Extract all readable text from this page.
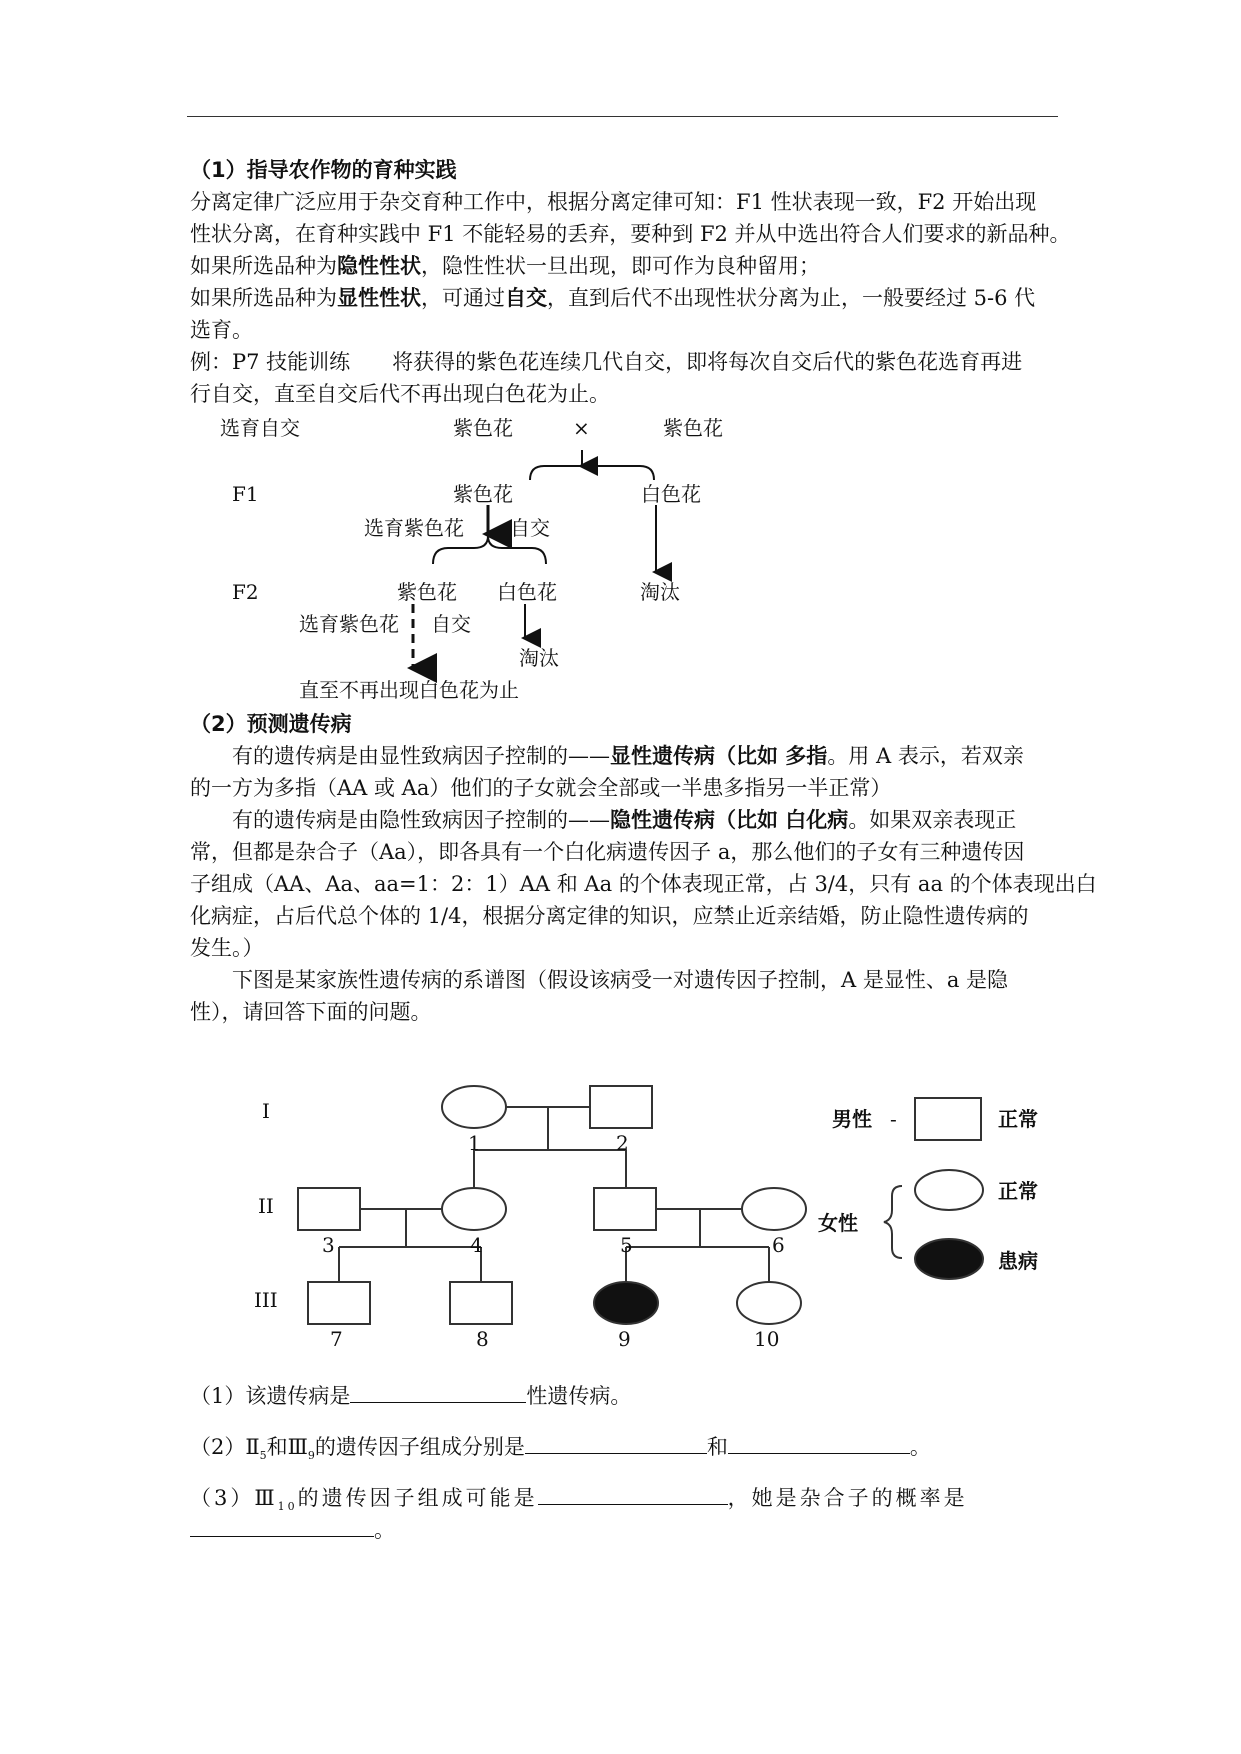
（1）指导农作物的育种实践
分离定律广泛应用于杂交育种工作中，根据分离定律可知：F1 性状表现一致，F2 开始出现
性状分离，在育种实践中 F1 不能轻易的丢弃，要种到 F2 并从中选出符合人们要求的新品种。
如果所选品种为隐性性状，隐性性状一旦出现，即可作为良种留用；
如果所选品种为显性性状，可通过自交，直到后代不出现性状分离为止，一般要经过 5-6 代
选育。
例：P7 技能训练　　将获得的紫色花连续几代自交，即将每次自交后代的紫色花选育再进
行自交，直至自交后代不再出现白色花为止。
选育自交	紫色花	×	紫色花
F1	紫色花	白色花
选育紫色花 自交
F2	紫色花 白色花	淘汰
选育紫色花 自交
淘汰
直至不再出现白色花为止
（2）预测遗传病
有的遗传病是由显性致病因子控制的——显性遗传病（比如 多指。用 A 表示，若双亲
的一方为多指（AA 或 Aa）他们的子女就会全部或一半患多指另一半正常）
有的遗传病是由隐性致病因子控制的——隐性遗传病（比如 白化病。如果双亲表现正
常，但都是杂合子（Aa），即各具有一个白化病遗传因子 a，那么他们的子女有三种遗传因
子组成（AA、Aa、aa=1：2：1）AA 和 Aa 的个体表现正常，占 3/4，只有 aa 的个体表现出白
化病症，占后代总个体的 1/4，根据分离定律的知识，应禁止近亲结婚，防止隐性遗传病的
发生。）
下图是某家族性遗传病的系谱图（假设该病受一对遗传因子控制，A 是显性、a 是隐
性），请回答下面的问题。
I
II
III
1	2
3	4	5	6
7	8	9	10
男性 -	正常
女性
正常
患病
（1）该遗传病是	性遗传病。
$(2)Ⅱ_5$和$Ⅲ_9$的遗传因子组成分别是	和	。
$(3)Ⅲ_{10}$的遗传因子组成可能是	，她是杂合子的概率是
。
